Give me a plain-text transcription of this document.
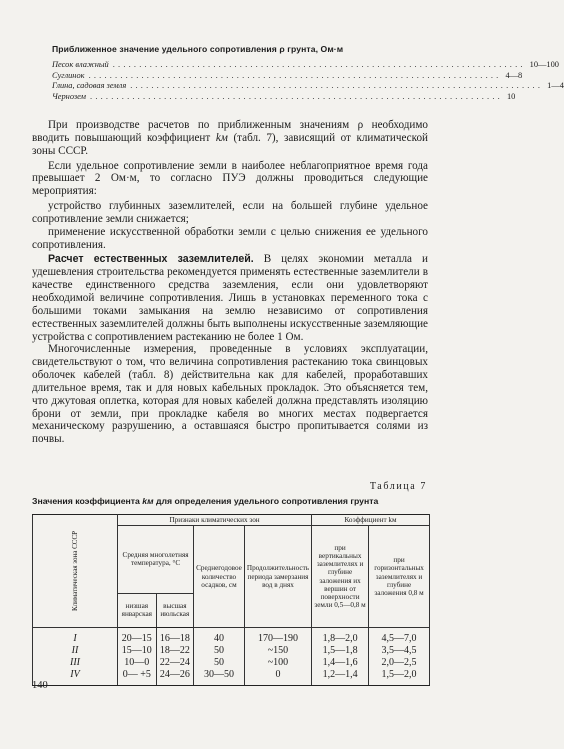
Приближенное значение удельного сопротивления ρ грунта, Ом·м
Песок влажный .............................................................................. 10—100
Суглинок .............................................................................. 4—8
Глина, садовая земля .............................................................................. 1—4
Чернозем .............................................................................. 10

При производстве расчетов по приближенным значениям ρ необходимо вводить повышающий коэффициент kм (табл. 7), зависящий от климатической зоны СССР.

Если удельное сопротивление земли в наиболее неблагоприятное время года превышает 2 Ом·м, то согласно ПУЭ должны проводиться следующие мероприятия:

устройство глубинных заземлителей, если на большей глубине удельное сопротивление земли снижается;

применение искусственной обработки земли с целью снижения ее удельного сопротивления.

Расчет естественных заземлителей. В целях экономии металла и удешевления строительства рекомендуется применять естественные заземлители в качестве единственного средства заземления, если они удовлетворяют необходимой величине сопротивления. Лишь в установках переменного тока с большими токами замыкания на землю независимо от сопротивления естественных заземлителей должны быть выполнены искусственные заземляющие устройства с сопротивлением растеканию не более 1 Ом.

Многочисленные измерения, проведенные в условиях эксплуатации, свидетельствуют о том, что величина сопротивления растеканию тока свинцовых оболочек кабелей (табл. 8) действительна как для кабелей, проработавших длительное время, так и для новых кабельных прокладок. Это объясняется тем, что джутовая оплетка, которая для новых кабелей должна представлять изоляцию брони от земли, при прокладке кабеля во многих местах подвергается механическому разрушению, а оставшаяся быстро пропитывается солями из почвы.

Таблица 7
Значения коэффициента kм для определения удельного сопротивления грунта
Климатическая зона СССР	Признаки климатических зон				Коэффициент kм	
	Средняя многолетняя температура, °С		Среднегодовое количество осадков, см	Продолжительность периода замерзания вод в днях	при вертикальных заземлителях и глубине заложения их вершин от поверхности земли 0,5—0,8 м	при горизонтальных заземлителях и глубине заложения 0,8 м
	низшая январская	высшая июльская				
I	20—15	16—18	40	170—190	1,8—2,0	4,5—7,0
II	15—10	18—22	50	~150	1,5—1,8	3,5—4,5
III	10—0	22—24	50	~100	1,4—1,6	2,0—2,5
IV	0— +5	24—26	30—50	0	1,2—1,4	1,5—2,0
140
